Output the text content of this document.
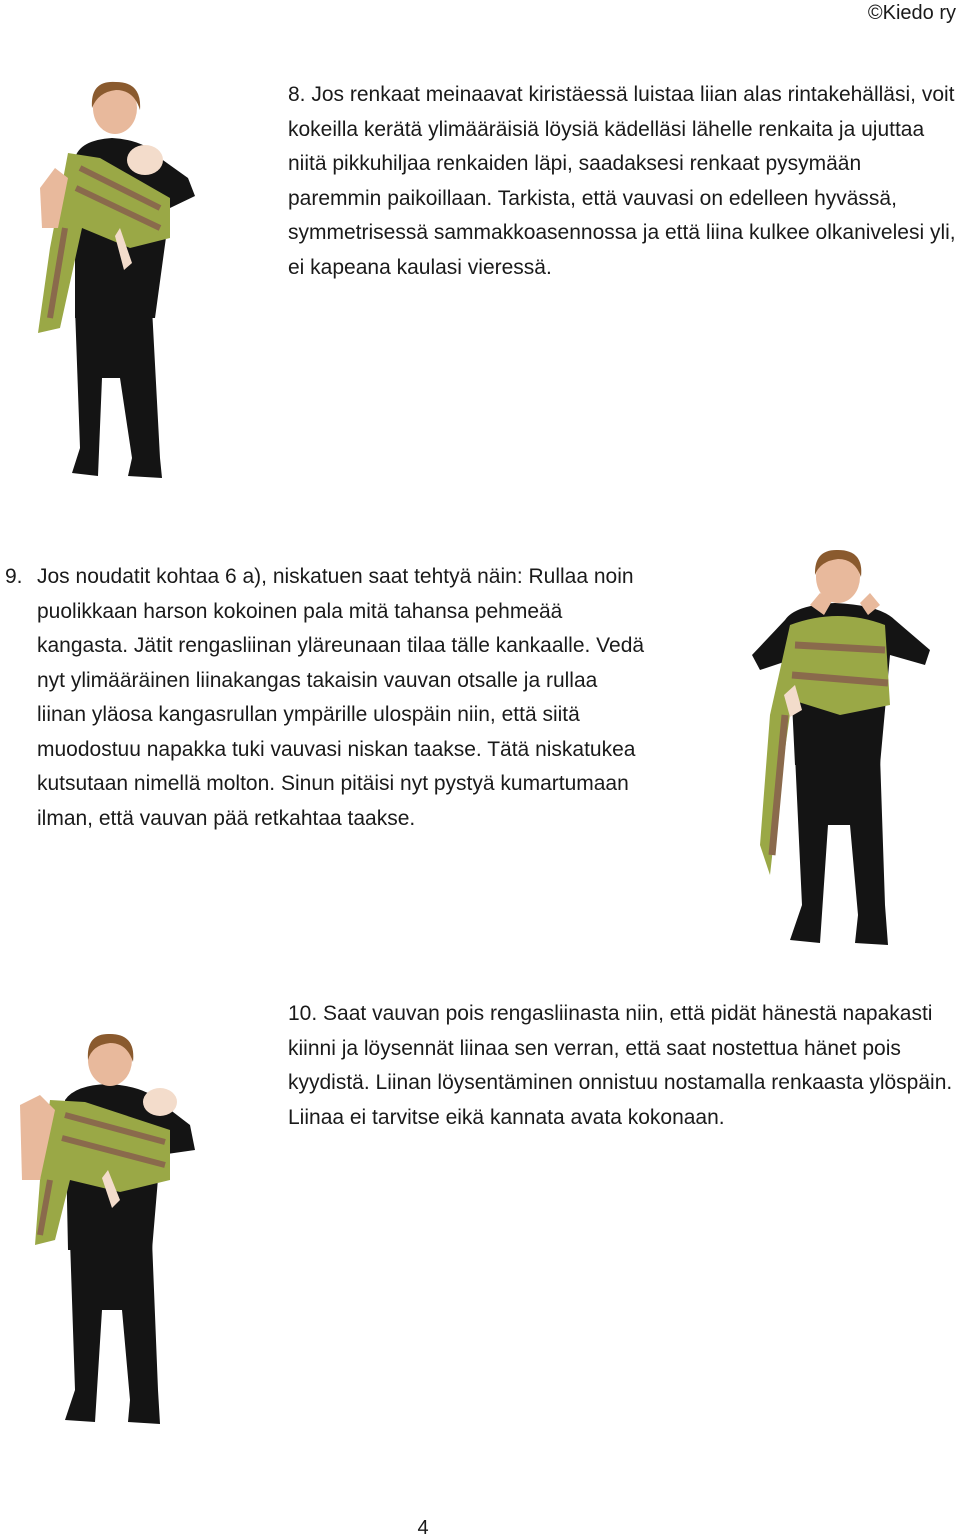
©Kiedo ry

8. Jos renkaat meinaavat kiristäessä luistaa liian alas rintakehälläsi, voit kokeilla kerätä ylimääräisiä löysiä kädelläsi lähelle renkaita ja ujuttaa niitä pikkuhiljaa renkaiden läpi, saadaksesi renkaat pysymään paremmin paikoillaan. Tarkista, että vauvasi on edelleen hyvässä, symmetrisessä sammakkoasennossa ja että liina kulkee olkanivelesi yli, ei kapeana kaulasi vieressä.

9. Jos noudatit kohtaa 6 a), niskatuen saat tehtyä näin: Rullaa noin puolikkaan harson kokoinen pala mitä tahansa pehmeää kangasta. Jätit rengasliinan yläreunaan tilaa tälle kankaalle. Vedä nyt ylimääräinen liinakangas takaisin vauvan otsalle ja rullaa liinan yläosa kangasrullan ympärille ulospäin niin, että siitä muodostuu napakka tuki vauvasi niskan taakse. Tätä niskatukea kutsutaan nimellä molton. Sinun pitäisi nyt pystyä kumartumaan ilman, että vauvan pää retkahtaa taakse.

10. Saat vauvan pois rengasliinasta niin, että pidät hänestä napakasti kiinni ja löysennät liinaa sen verran, että saat nostettua hänet pois kyydistä. Liinan löysentäminen onnistuu nostamalla renkaasta ylöspäin. Liinaa ei tarvitse eikä kannata avata kokonaan.

4
